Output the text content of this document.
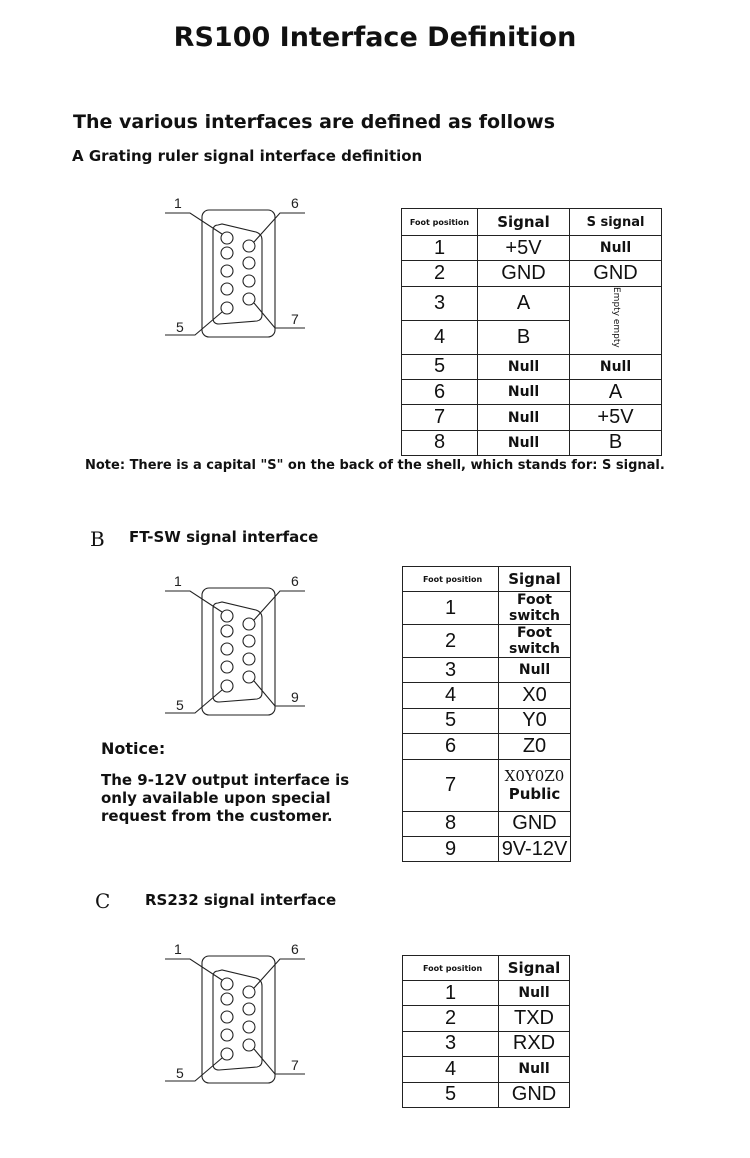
RS100 Interface Definition
The various interfaces are defined as follows
A Grating ruler signal interface definition
1	6
5	7
Foot position	Signal	S signal
1	+5V	Null
2	GND	GND
3	A	Empty empty
4	B	
5	Null	Null
6	Null	A
7	Null	+5V
8	Null	B
Note: There is a capital "S" on the back of the shell, which stands for: S signal.
B FT-SW signal interface
1	6
5	9
Foot position	Signal
1	Foot switch
2	Foot switch
3	Null
4	X0
5	Y0
6	Z0
7	X0Y0Z0
Public

8	GND
9	9V-12V
Notice:
The 9-12V output interface is only available upon special request from the customer.
C RS232 signal interface
1	6
5	7
Foot position	Signal
1	Null
2	TXD
3	RXD
4	Null
5	GND
